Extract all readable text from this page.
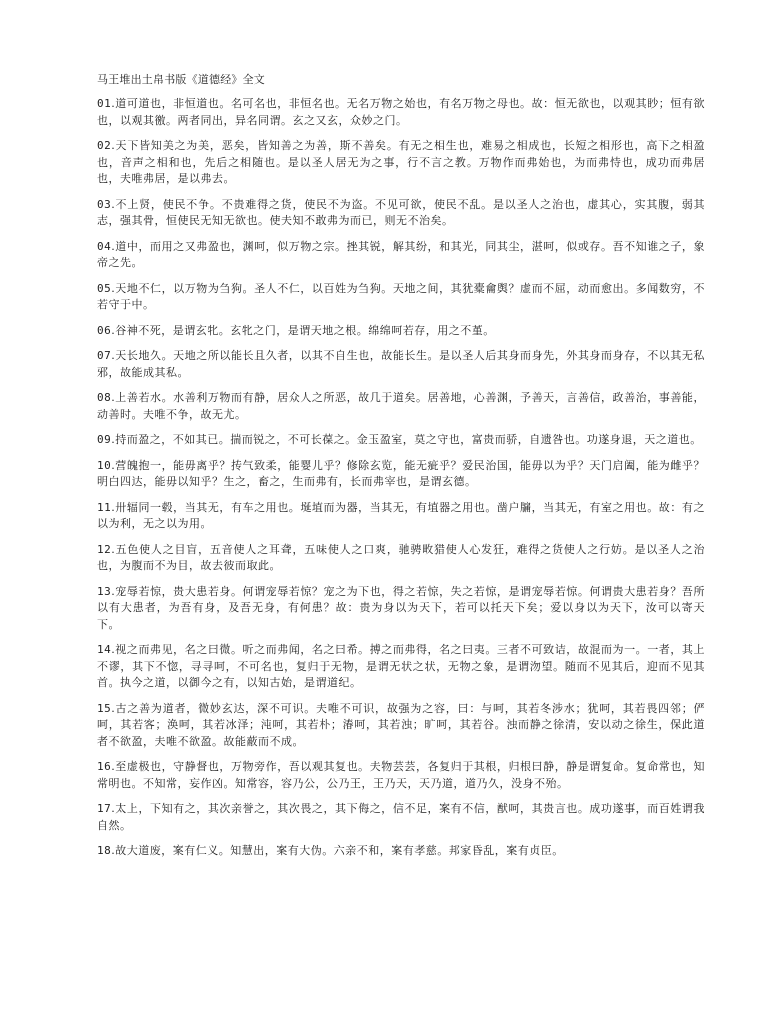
马王堆出土帛书版《道德经》全文

01.道可道也，非恒道也。名可名也，非恒名也。无名万物之始也，有名万物之母也。故：恒无欲也，以观其眇；恒有欲也，以观其徼。两者同出，异名同谓。玄之又玄，众妙之门。

02.天下皆知美之为美，恶矣，皆知善之为善，斯不善矣。有无之相生也，难易之相成也，长短之相形也，高下之相盈也，音声之相和也，先后之相随也。是以圣人居无为之事，行不言之教。万物作而弗始也，为而弗恃也，成功而弗居也，夫唯弗居，是以弗去。

03.不上贤，使民不争。不贵难得之货，使民不为盗。不见可欲，使民不乱。是以圣人之治也，虚其心，实其腹，弱其志，强其骨，恒使民无知无欲也。使夫知不敢弗为而已，则无不治矣。

04.道中，而用之又弗盈也，渊呵，似万物之宗。挫其锐，解其纷，和其光，同其尘，湛呵，似或存。吾不知谁之子，象帝之先。

05.天地不仁，以万物为刍狗。圣人不仁，以百姓为刍狗。天地之间，其犹橐龠舆？虚而不屈，动而愈出。多闻数穷，不若守于中。

06.谷神不死，是谓玄牝。玄牝之门，是谓天地之根。绵绵呵若存，用之不堇。

07.天长地久。天地之所以能长且久者，以其不自生也，故能长生。是以圣人后其身而身先，外其身而身存，不以其无私邪，故能成其私。

08.上善若水。水善利万物而有静，居众人之所恶，故几于道矣。居善地，心善渊，予善天，言善信，政善治，事善能，动善时。夫唯不争，故无尤。

09.持而盈之，不如其已。揣而锐之，不可长葆之。金玉盈室，莫之守也，富贵而骄，自遗咎也。功遂身退，天之道也。

10.营魄抱一，能毋离乎？抟气致柔，能婴儿乎？修除玄览，能无疵乎？爱民治国，能毋以为乎？天门启阖，能为雌乎？明白四达，能毋以知乎？生之，畜之，生而弗有，长而弗宰也，是谓玄德。

11.卅辐同一毂，当其无，有车之用也。埏埴而为器，当其无，有埴器之用也。凿户牖，当其无，有室之用也。故：有之以为利，无之以为用。

12.五色使人之目盲，五音使人之耳聋，五味使人之口爽，驰骋畋猎使人心发狂，难得之货使人之行妨。是以圣人之治也，为腹而不为目，故去彼而取此。

13.宠辱若惊，贵大患若身。何谓宠辱若惊？宠之为下也，得之若惊，失之若惊，是谓宠辱若惊。何谓贵大患若身？吾所以有大患者，为吾有身，及吾无身，有何患？故：贵为身以为天下，若可以托天下矣；爱以身以为天下，汝可以寄天下。

14.视之而弗见，名之曰微。听之而弗闻，名之曰希。搏之而弗得，名之曰夷。三者不可致诘，故混而为一。一者，其上不谬，其下不惚，寻寻呵，不可名也，复归于无物，是谓无状之状，无物之象，是谓沕望。随而不见其后，迎而不见其首。执今之道，以御今之有，以知古始，是谓道纪。

15.古之善为道者，微妙玄达，深不可识。夫唯不可识，故强为之容，曰：与呵，其若冬涉水；犹呵，其若畏四邻；俨呵，其若客；涣呵，其若冰泽；沌呵，其若朴；湷呵，其若浊；旷呵，其若谷。浊而静之徐清，安以动之徐生，保此道者不欲盈，夫唯不欲盈。故能蔽而不成。

16.至虚极也，守静督也，万物旁作，吾以观其复也。夫物芸芸，各复归于其根，归根曰静，静是谓复命。复命常也，知常明也。不知常，妄作凶。知常容，容乃公，公乃王，王乃天，天乃道，道乃久，没身不殆。

17.太上，下知有之，其次亲誉之，其次畏之，其下侮之，信不足，案有不信，猷呵，其贵言也。成功遂事，而百姓谓我自然。

18.故大道废，案有仁义。知慧出，案有大伪。六亲不和，案有孝慈。邦家昏乱，案有贞臣。
